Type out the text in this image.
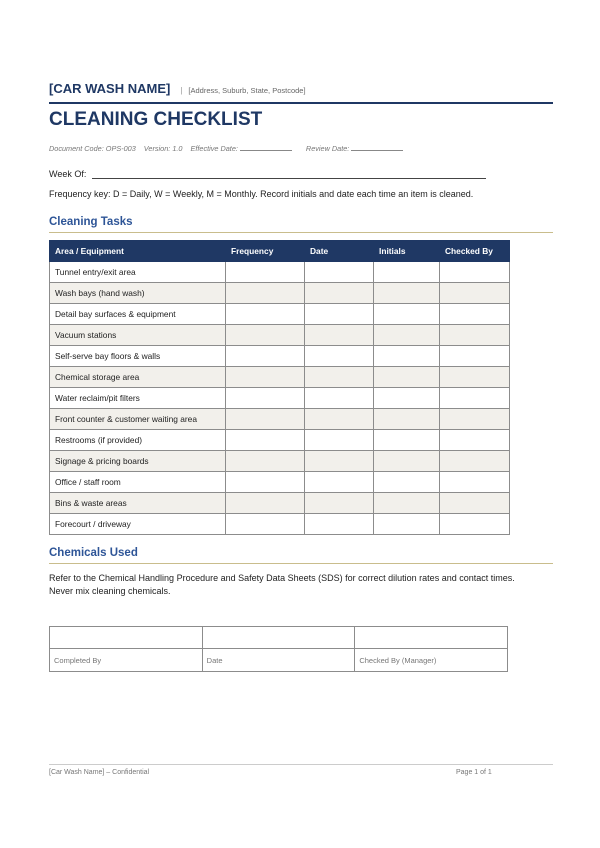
[CAR WASH NAME] | [Address, Suburb, State, Postcode]
CLEANING CHECKLIST
Document Code: OPS-003 Version: 1.0 Effective Date:	Review Date:
Week Of:
Frequency key: D = Daily, W = Weekly, M = Monthly. Record initials and date each time an item is cleaned.
Cleaning Tasks
Area / Equipment	Frequency	Date	Initials	Checked By
Tunnel entry/exit area				
Wash bays (hand wash)				
Detail bay surfaces & equipment				
Vacuum stations				
Self-serve bay floors & walls				
Chemical storage area				
Water reclaim/pit filters				
Front counter & customer waiting area				
Restrooms (if provided)				
Signage & pricing boards				
Office / staff room				
Bins & waste areas				
Forecourt / driveway				
Chemicals Used
Refer to the Chemical Handling Procedure and Safety Data Sheets (SDS) for correct dilution rates and contact times.
Never mix cleaning chemicals.

Completed By	Date	Checked By (Manager)
[Car Wash Name] – Confidential	Page 1 of 1
